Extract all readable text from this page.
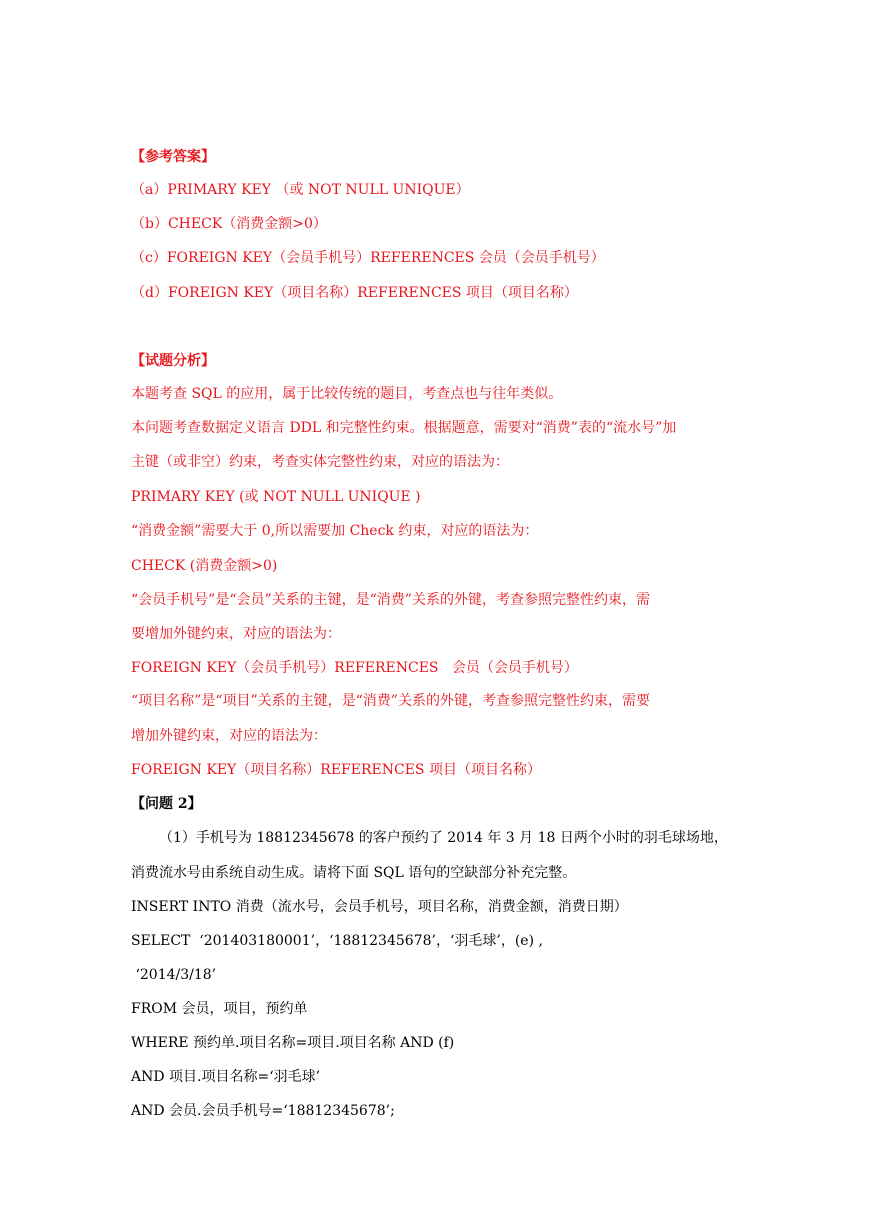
【参考答案】
（a）PRIMARY KEY （或 NOT NULL UNIQUE）
（b）CHECK（消费金额>0）
（c）FOREIGN KEY（会员手机号）REFERENCES 会员（会员手机号）
（d）FOREIGN KEY（项目名称）REFERENCES 项目（项目名称）
【试题分析】
本题考查 SQL 的应用，属于比较传统的题目，考查点也与往年类似。
本问题考查数据定义语言 DDL 和完整性约束。根据题意，需要对“消费”表的“流水号”加
主键（或非空）约束，考查实体完整性约束，对应的语法为：
PRIMARY KEY (或 NOT NULL UNIQUE )
“消费金额”需要大于 0,所以需要加 Check 约束，对应的语法为：
CHECK (消费金额>0)
“会员手机号”是“会员”关系的主键，是“消费”关系的外键，考查参照完整性约束，需
要增加外键约束，对应的语法为：
FOREIGN KEY（会员手机号）REFERENCES   会员（会员手机号）
“项目名称”是“项目”关系的主键，是“消费”关系的外键，考查参照完整性约束，需要
增加外键约束，对应的语法为：
FOREIGN KEY（项目名称）REFERENCES 项目（项目名称）
【问题 2】
（1）手机号为 18812345678 的客户预约了 2014 年 3 月 18 日两个小时的羽毛球场地，
消费流水号由系统自动生成。请将下面 SQL 语句的空缺部分补充完整。
INSERT INTO 消费（流水号，会员手机号，项目名称，消费金额，消费日期）
SELECT  ‘201403180001’，‘18812345678’，‘羽毛球’，(e) ,
‘2014/3/18’
FROM 会员，项目，预约单
WHERE 预约单.项目名称=项目.项目名称 AND (f)
AND 项目.项目名称=‘羽毛球’
AND 会员.会员手机号=‘18812345678’;
